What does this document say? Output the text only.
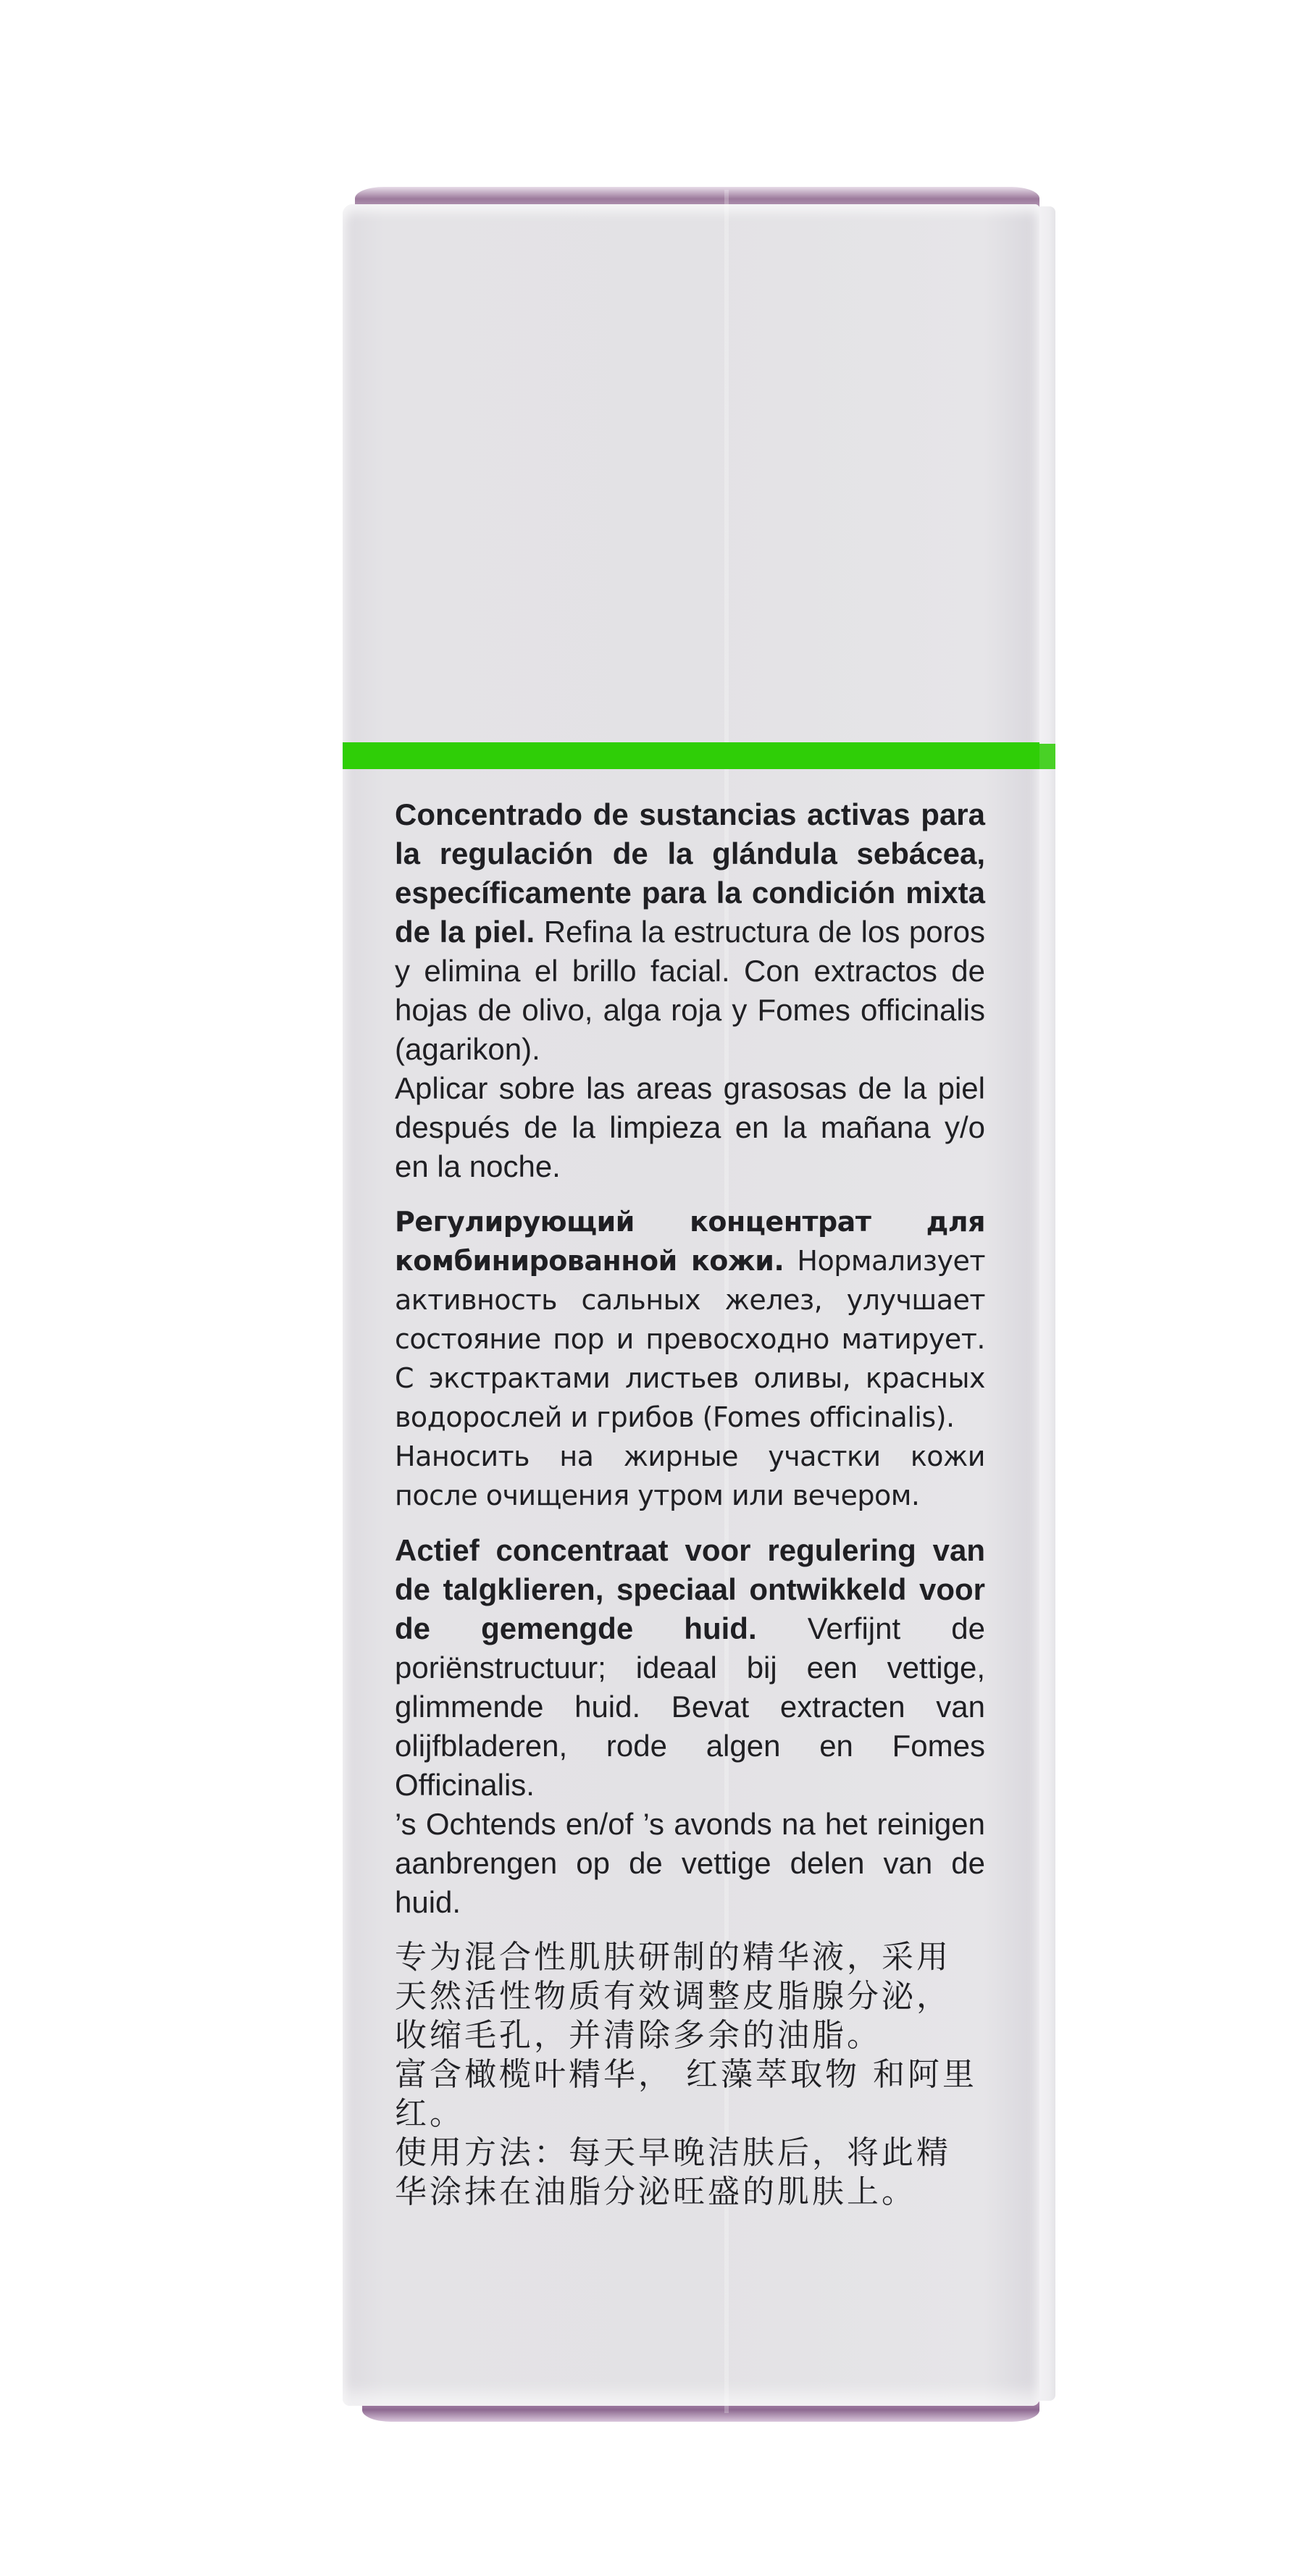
Concentrado de sustancias activas para la regulación de la glándula sebácea, específicamente para la condición mixta de la piel. Refina la estructura de los poros y elimina el brillo facial. Con extractos de hojas de olivo, alga roja y Fomes officinalis (agarikon).

Aplicar sobre las areas grasosas de la piel después de la limpieza en la mañana y/o en la noche.

Регулирующий концентрат для комбинированной кожи. Нормализует активность сальных желез, улучшает состояние пор и превосходно матирует. С экстрактами листьев оливы, красных водорослей и грибов (Fomes officinalis).

Наносить на жирные участки кожи после очищения утром или вечером.

Actief concentraat voor regulering van de talgklieren, speciaal ontwikkeld voor de gemengde huid. Verfijnt de poriënstructuur; ideaal bij een vettige, glimmende huid. Bevat extracten van olijfbladeren, rode algen en Fomes Officinalis.

’s Ochtends en/of ’s avonds na het reinigen aanbrengen op de vettige delen van de huid.

专为混合性肌肤研制的精华液，采用天然活性物质有效调整皮脂腺分泌，收缩毛孔，并清除多余的油脂。

富含橄榄叶精华， 红藻萃取物 和阿里红。

使用方法：每天早晚洁肤后，将此精华涂抹在油脂分泌旺盛的肌肤上。
